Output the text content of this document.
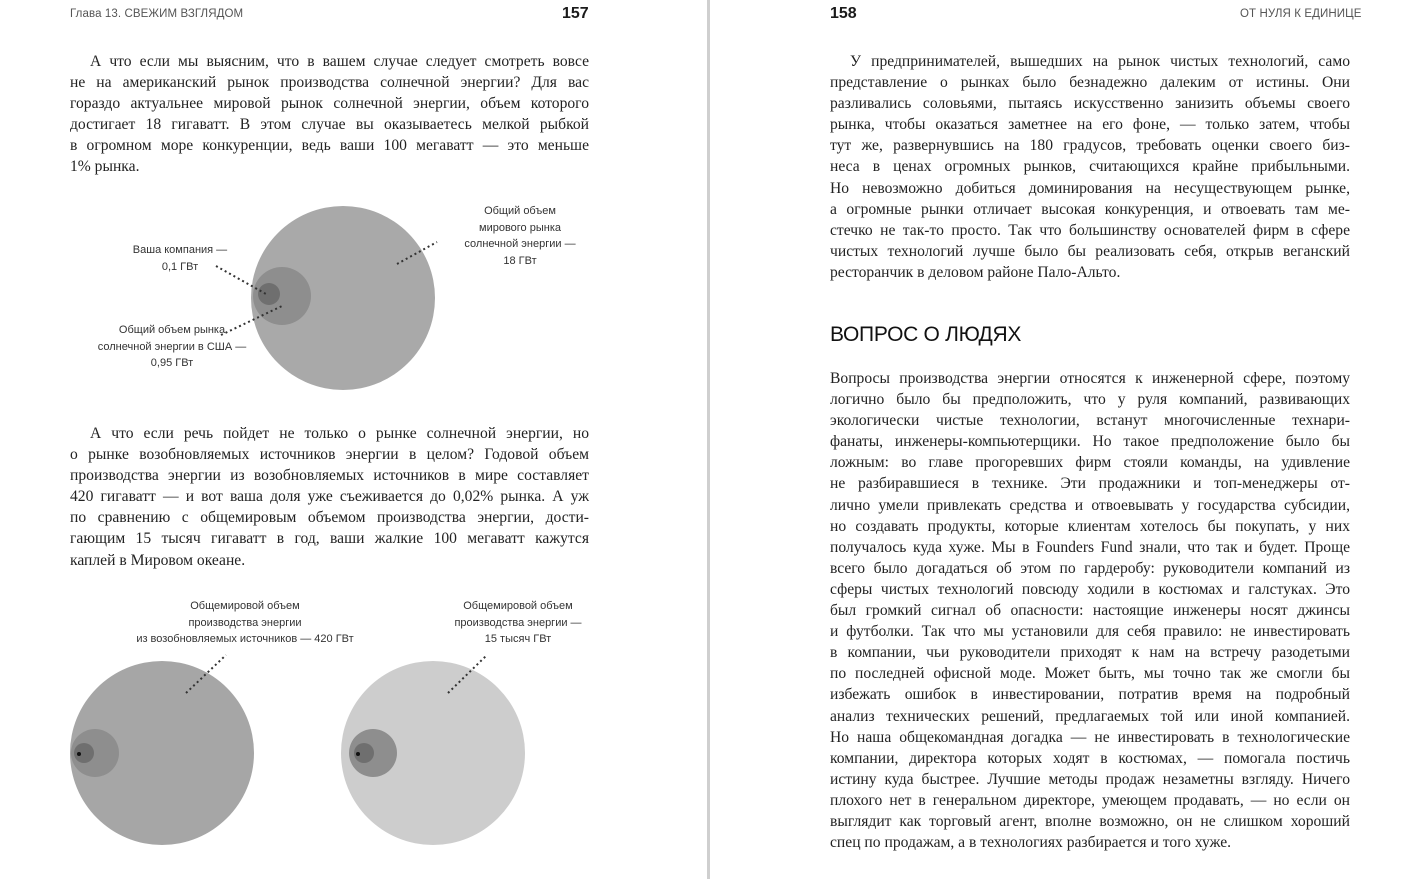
Глава 13. СВЕЖИМ ВЗГЛЯДОМ	157
А что если мы выясним, что в вашем случае следует смотреть вовсе
не на американский рынок производства солнечной энергии? Для вас
гораздо актуальнее мировой рынок солнечной энергии, объем которого
достигает 18 гигаватт. В этом случае вы оказываетесь мелкой рыбкой
в огромном море конкуренции, ведь ваши 100 мегаватт — это меньше
1% рынка.
Ваша компания —
0,1 ГВт
Общий объем рынка
солнечной энергии в США —
0,95 ГВт
Общий объем
мирового рынка
солнечной энергии —
18 ГВт
А что если речь пойдет не только о рынке солнечной энергии, но
о рынке возобновляемых источников энергии в целом? Годовой объем
производства энергии из возобновляемых источников в мире составляет
420 гигаватт — и вот ваша доля уже съеживается до 0,02% рынка. А уж
по сравнению с общемировым объемом производства энергии, дости-
гающим 15 тысяч гигаватт в год, ваши жалкие 100 мегаватт кажутся
каплей в Мировом океане.
Общемировой объем
производства энергии
из возобновляемых источников — 420 ГВт
Общемировой объем
производства энергии —
15 тысяч ГВт
158	ОТ НУЛЯ К ЕДИНИЦЕ
У предпринимателей, вышедших на рынок чистых технологий, само
представление о рынках было безнадежно далеким от истины. Они
разливались соловьями, пытаясь искусственно занизить объемы своего
рынка, чтобы оказаться заметнее на его фоне, — только затем, чтобы
тут же, развернувшись на 180 градусов, требовать оценки своего биз-
неса в ценах огромных рынков, считающихся крайне прибыльными.
Но невозможно добиться доминирования на несуществующем рынке,
а огромные рынки отличает высокая конкуренция, и отвоевать там ме-
стечко не так-то просто. Так что большинству основателей фирм в сфере
чистых технологий лучше было бы реализовать себя, открыв веганский
ресторанчик в деловом районе Пало-Альто.
ВОПРОС О ЛЮДЯХ
Вопросы производства энергии относятся к инженерной сфере, поэтому
логично было бы предположить, что у руля компаний, развивающих
экологически чистые технологии, встанут многочисленные технари-
фанаты, инженеры-компьютерщики. Но такое предположение было бы
ложным: во главе прогоревших фирм стояли команды, на удивление
не разбиравшиеся в технике. Эти продажники и топ-менеджеры от-
лично умели привлекать средства и отвоевывать у государства субсидии,
но создавать продукты, которые клиентам хотелось бы покупать, у них
получалось куда хуже. Мы в Founders Fund знали, что так и будет. Проще
всего было догадаться об этом по гардеробу: руководители компаний из
сферы чистых технологий повсюду ходили в костюмах и галстуках. Это
был громкий сигнал об опасности: настоящие инженеры носят джинсы
и футболки. Так что мы установили для себя правило: не инвестировать
в компании, чьи руководители приходят к нам на встречу разодетыми
по последней офисной моде. Может быть, мы точно так же смогли бы
избежать ошибок в инвестировании, потратив время на подробный
анализ технических решений, предлагаемых той или иной компанией.
Но наша общекомандная догадка — не инвестировать в технологические
компании, директора которых ходят в костюмах, — помогала постичь
истину куда быстрее. Лучшие методы продаж незаметны взгляду. Ничего
плохого нет в генеральном директоре, умеющем продавать, — но если он
выглядит как торговый агент, вполне возможно, он не слишком хороший
спец по продажам, а в технологиях разбирается и того хуже.
